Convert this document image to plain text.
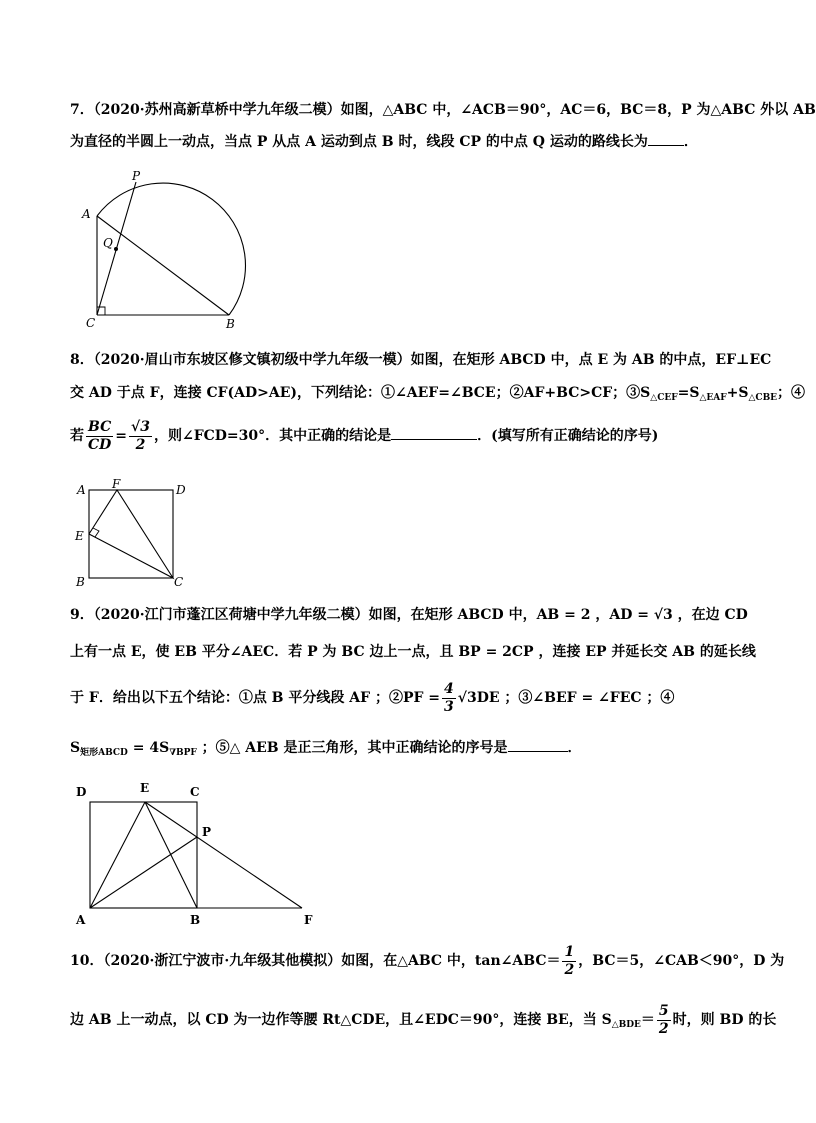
7．（2020·苏州高新草桥中学九年级二模）如图，△ABC 中，∠ACB＝90°，AC＝6，BC＝8，P 为△ABC 外以 AB
为直径的半圆上一动点，当点 P 从点 A 运动到点 B 时，线段 CP 的中点 Q 运动的路线长为	．
P
A
Q
C	B
8．（2020·眉山市东坡区修文镇初级中学九年级一模）如图，在矩形 ABCD 中，点 E 为 AB 的中点，EF⊥EC
交 AD 于点 F，连接 CF(AD>AE)，下列结论：①∠AEF=∠BCE；②AF+BC>CF；$③S_{\triangle CEF}=S_{\triangle EAF}+S_{\triangle CBE}$；④
若 $\frac{BC}{CD} = \frac{√3}{2}$ ，则∠FCD=30°．其中正确的结论是	．(填写所有正确结论的序号)
A F	D
E
B	C
9．（2020·江门市蓬江区荷塘中学九年级二模）如图，在矩形 ABCD 中，AB = 2 ，AD = √3 ，在边 CD
上有一点 E，使 EB 平分∠AEC．若 P 为 BC 边上一点，且 BP = 2CP ，连接 EP 并延长交 AB 的延长线
于 F．给出以下五个结论：①点 B 平分线段 AF ；②PF = $\frac{4}{3} √3DE$ ；③∠BEF = ∠FEC ；④
$S_{矩形ABCD} = 4S_{\nabla BPF}$ ；⑤△ AEB 是正三角形，其中正确结论的序号是	．
D	E	C
P
A	B	F
10．（2020·浙江宁波市·九年级其他模拟）如图，在△ABC 中，tan∠ABC＝ $\frac{1}{2}$ ，BC＝5，∠CAB＜90°，D 为
边 AB 上一动点，以 CD 为一边作等腰 Rt△CDE，且∠EDC＝90°，连接 BE，当 $S_{\triangle BDE}= \frac{5}{2}$ 时，则 BD 的长
